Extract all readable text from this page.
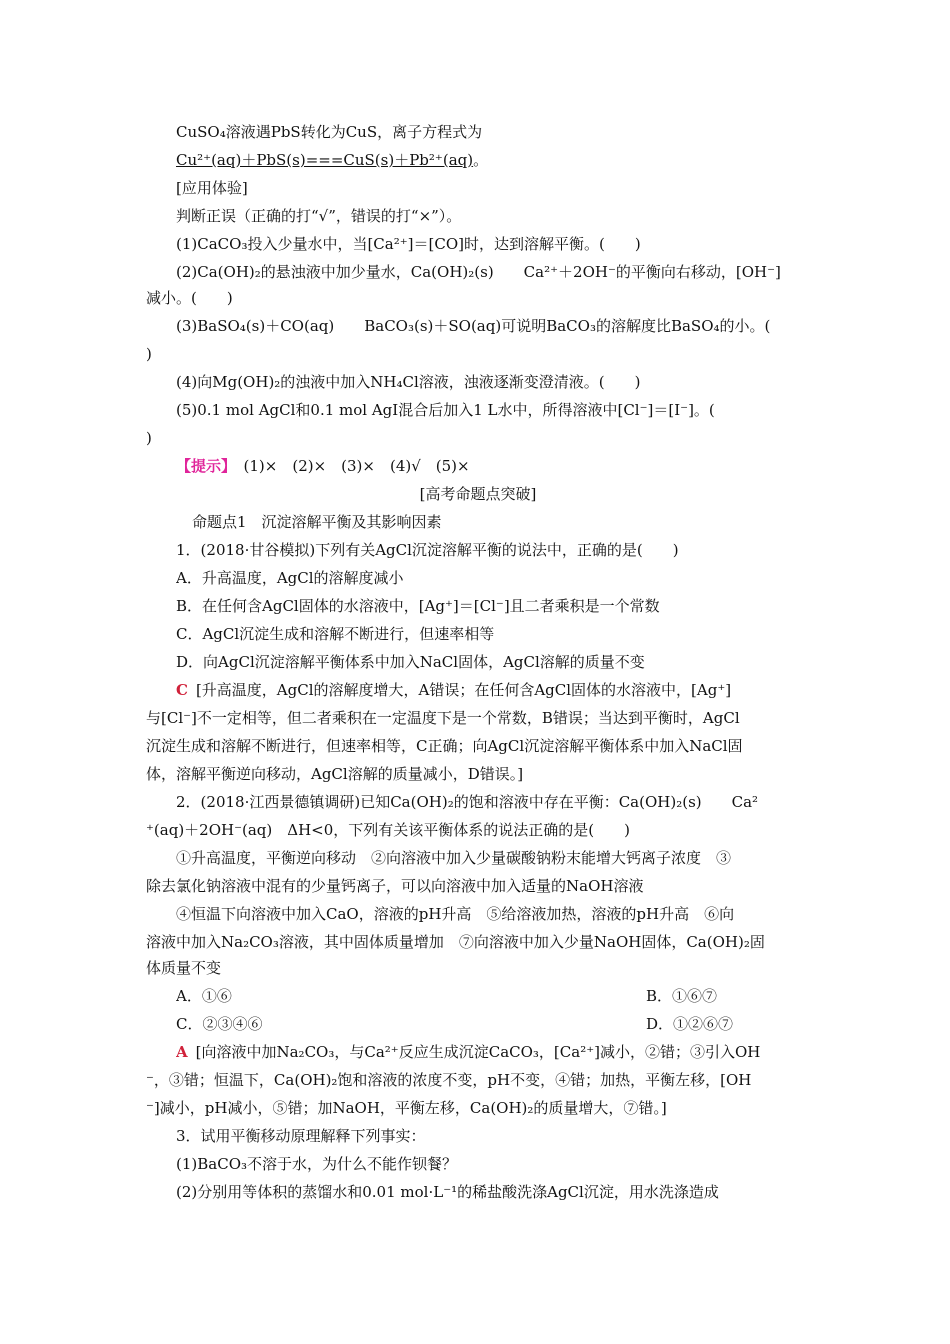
CuSO₄溶液遇PbS转化为CuS，离子方程式为
Cu²⁺(aq)＋PbS(s)===CuS(s)＋Pb²⁺(aq)。
[应用体验]
判断正误（正确的打“√”，错误的打“×”）。
(1)CaCO₃投入少量水中，当[Ca²⁺]＝[CO]时，达到溶解平衡。(　　)
(2)Ca(OH)₂的悬浊液中加少量水，Ca(OH)₂(s)　　Ca²⁺＋2OH⁻的平衡向右移动，[OH⁻]
减小。(　　)
(3)BaSO₄(s)＋CO(aq)　　BaCO₃(s)＋SO(aq)可说明BaCO₃的溶解度比BaSO₄的小。(
)
(4)向Mg(OH)₂的浊液中加入NH₄Cl溶液，浊液逐渐变澄清液。(　　)
(5)0.1 mol AgCl和0.1 mol AgI混合后加入1 L水中，所得溶液中[Cl⁻]＝[I⁻]。(
)
【提示】　 (1)×　(2)×　(3)×　(4)√　(5)×
[高考命题点突破]
命题点1　沉淀溶解平衡及其影响因素
1．(2018·甘谷模拟)下列有关AgCl沉淀溶解平衡的说法中，正确的是(　　)
A．升高温度，AgCl的溶解度减小
B．在任何含AgCl固体的水溶液中，[Ag⁺]＝[Cl⁻]且二者乘积是一个常数
C．AgCl沉淀生成和溶解不断进行，但速率相等
D．向AgCl沉淀溶解平衡体系中加入NaCl固体，AgCl溶解的质量不变
C [升高温度，AgCl的溶解度增大，A错误；在任何含AgCl固体的水溶液中，[Ag⁺]
与[Cl⁻]不一定相等，但二者乘积在一定温度下是一个常数，B错误；当达到平衡时，AgCl
沉淀生成和溶解不断进行，但速率相等，C正确；向AgCl沉淀溶解平衡体系中加入NaCl固
体，溶解平衡逆向移动，AgCl溶解的质量减小，D错误。]
2．(2018·江西景德镇调研)已知Ca(OH)₂的饱和溶液中存在平衡：Ca(OH)₂(s)　　Ca²
⁺(aq)＋2OH⁻(aq)　ΔH<0，下列有关该平衡体系的说法正确的是(　　)
①升高温度，平衡逆向移动　②向溶液中加入少量碳酸钠粉末能增大钙离子浓度　③
除去氯化钠溶液中混有的少量钙离子，可以向溶液中加入适量的NaOH溶液
④恒温下向溶液中加入CaO，溶液的pH升高　⑤给溶液加热，溶液的pH升高　⑥向
溶液中加入Na₂CO₃溶液，其中固体质量增加　⑦向溶液中加入少量NaOH固体，Ca(OH)₂固
体质量不变
A．①⑥	B．①⑥⑦
C．②③④⑥	D．①②⑥⑦
A [向溶液中加Na₂CO₃，与Ca²⁺反应生成沉淀CaCO₃，[Ca²⁺]减小，②错；③引入OH
⁻，③错；恒温下，Ca(OH)₂饱和溶液的浓度不变，pH不变，④错；加热，平衡左移，[OH
⁻]减小，pH减小，⑤错；加NaOH，平衡左移，Ca(OH)₂的质量增大，⑦错。]
3．试用平衡移动原理解释下列事实：
(1)BaCO₃不溶于水，为什么不能作钡餐？
(2)分别用等体积的蒸馏水和0.01 mol·L⁻¹的稀盐酸洗涤AgCl沉淀，用水洗涤造成
